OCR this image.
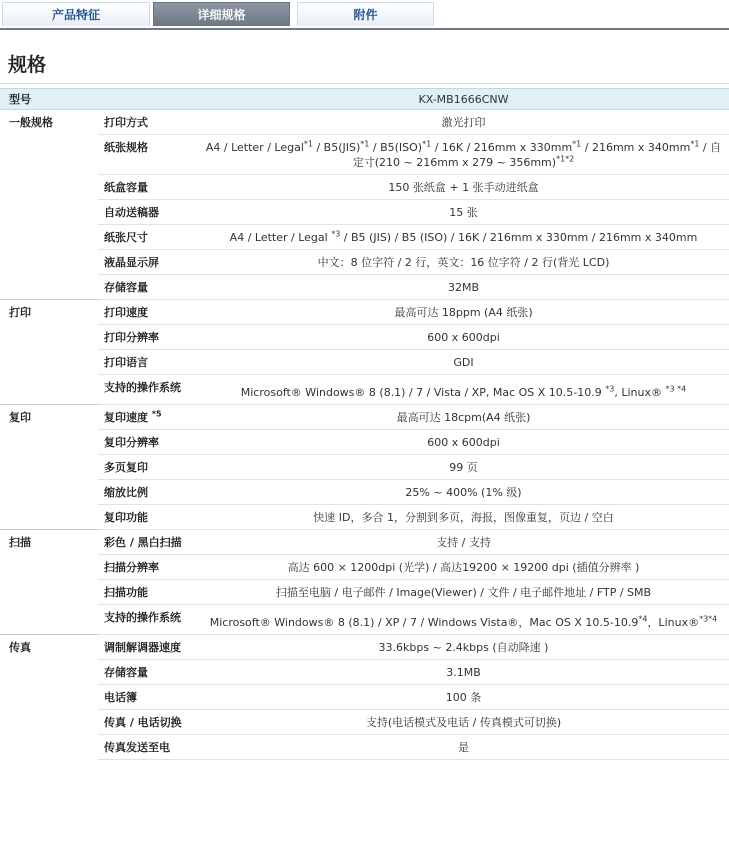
产品特征	详细规格	附件
规格
型号		KX-MB1666CNW
一般规格	打印方式	激光打印
	纸张规格	A4 / Letter / Legal$^{*1}$ / B5(JIS)$^{*1}$ / B5(ISO)$^{*1}$ / 16K / 216mm x $330mm^{*1} / 216mm$ x $340mm^{*1}$ / 自定寸(210 ~ 216mm x 279 ~ 356mm)$^{*1*2}$
	纸盒容量	150 张纸盒 + 1 张手动进纸盒
	自动送稿器	15 张
	纸张尺寸	A4 / Letter / Legal $^{*3}$ / B5 (JIS) / B5 (ISO) / 16K / 216mm x 330mm / 216mm x 340mm
	液晶显示屏	中文：8 位字符 / 2 行，英文：16 位字符 / 2 行(背光 LCD)
	存储容量	32MB
打印	打印速度	最高可达 18ppm (A4 纸张)
	打印分辨率	600 x 600dpi
	打印语言	GDI
	支持的操作系统	Microsoft® Windows® 8 (8.1) / 7 / Vista / XP, Mac OS X 10.5-10.9 $^{*3}$, Linux® $^{*3 *4}$
复印	复印速度 $^{*5}$	最高可达 18cpm(A4 纸张)
	复印分辨率	600 x 600dpi
	多页复印	99 页
	缩放比例	25% ~ 400% (1% 级)
	复印功能	快速 ID，多合 1，分割到多页，海报，图像重复，页边 / 空白
扫描	彩色 / 黑白扫描	支持 / 支持
	扫描分辨率	高达 600 × 1200dpi (光学) / 高达19200 × 19200 dpi (插值分辨率 )
	扫描功能	扫描至电脑 / 电子邮件 / Image(Viewer) / 文件 / 电子邮件地址 / FTP / SMB
	支持的操作系统	Microsoft® Windows® 8 (8.1) / XP / 7 / Windows Vista®，Mac OS X 10.5-10.9$^{*4}$，Linux®$^{*3*4}$
传真	调制解调器速度	33.6kbps ~ 2.4kbps (自动降速 )
	存储容量	3.1MB
	电话簿	100 条
	传真 / 电话切换	支持(电话模式及电话 / 传真模式可切换)
	传真发送至电	是
